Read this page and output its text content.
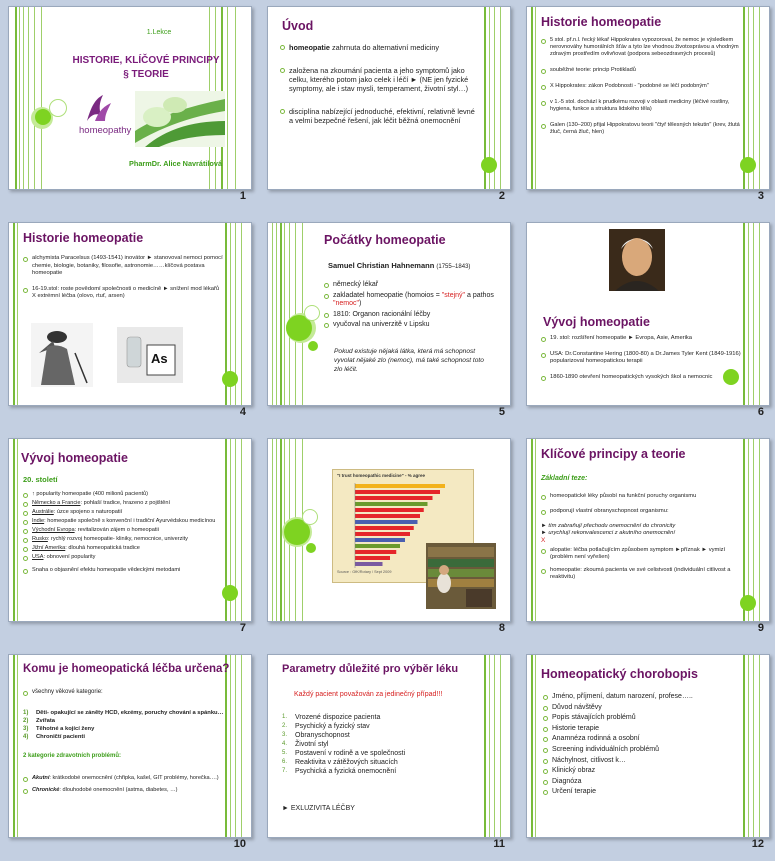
1.Lekce
HISTORIE, KLÍČOVÉ PRINCIPY
§ TEORIE
homeopathy
PharmDr. Alice Navrátilová
1
Úvod
homeopatie zahrnuta do alternativní mediciny
založena na zkoumání pacienta a jeho symptomů jako celku, kterého potom jako celek i léčí ► (NE jen fyzické symptomy, ale i stav mysli, temperament, životní styl…)
disciplína nabízející jednoduché, efektivní, relativně levné a velmi bezpečné řešení, jak léčit běžná onemocnění
2
Historie homeopatie
5 stol. př.n.l. řecký lékař Hippokrates vypozoroval, že nemoc je výsledkem nerovnováhy humorálních šťáv a tyto lze vhodnou životosprávou a vhodným zdravým prostředím ovlivňovat (podpora sebeozdravných procesů)
souběžné teorie: princip Protikladů
X Hippokrates: zákon Podobnosti - "podobné se léčí podobným"
v 1.-5 stol. dochází k prudkému rozvoji v oblasti mediciny (léčivé rostliny, hygiena, funkce a struktura lidského těla)
Galen (130–200) přijal Hippokratovu teorii "čtyř tělesných tekutin" (krev, žlutá žluč, černá žluč, hlen)
3
Historie homeopatie
alchymista Paracelsus (1493-1541) inovátor ► stanovoval nemoci pomocí chemie, biologie, botaniky, filosofie, astronomie……klíčová postava homeopatie
16-19.stol: roste povědomí společnosti o medicíně ► snížení mod lékařů X extrémní léčba (olovo, rtuť, arsen)
As
4
Počátky homeopatie
Samuel Christian Hahnemann (1755–1843)
německý lékař
zakladatel homeopatie (homoios = "stejný" a pathos "nemoc")
1810: Organon racionální léčby
vyučoval na univerzitě v Lipsku
Pokud existuje nějaká látka, která má schopnost vyvolat nějaké zlo (nemoc), má také schopnost toto zlo léčit.
5
Vývoj homeopatie
19. stol: rozšíření homeopatie ► Evropa, Asie, Amerika
USA: Dr.Constantine Hering (1800-80) a Dr.James Tyler Kent (1849-1916) popularizoval homeopatickou terapii
1860-1890 otevření homeopatických vysokých škol a nemocnic
6
Vývoj homeopatie
20. století
↑ popularity homeopatie (400 milionů pacientů)
Německo a Francie: pohlaší tradice, hrazeno z pojištění
Austrálie: úzce spojeno s naturopatií
Indie: homeopatie společně s konvenční i tradiční Ayurvédskou medicínou
Východní Evropa: revitalizován zájem o homeopatii
Rusko: rychlý rozvoj homeopatie- kliniky, nemocnice, univerzity
Jižní Amerika: dlouhá homeopatická tradice
USA: obnovení popularity
Snaha o objasnění efektu homeopatie vědeckými metodami
7
"I trust homeopathic medicine" - % agree
Source : GfK/Rotary / Sept 2009
8
Klíčové principy a teorie
Základní teze:
homeopatické léky působí na funkční poruchy organismu
podporují vlastní obranyschopnost organismu:
► tím zabraňují přechodu onemocnění do chronicity
► urychlují rekonvalescenci z akutního onemocnění
X
alopatie: léčba potlačujícím způsobem symptom ►příznak ► vymizí (problém není vyřešen)
homeopatie: zkoumá pacienta ve své celistvosti (individuální citlivost a reaktivitu)
9
Komu je homeopatická léčba určena?
všechny věkové kategorie:
1) Děti- opakující se záněty HCD, ekzémy, poruchy chování a spánku…
2) Zvířata
3) Těhotné a kojící ženy
4) Chroničtí pacienti
2 kategorie zdravotních problémů:
Akutní: krátkodobé onemocnění (chřipka, kašel, GIT problémy, horečka….)
Chronické: dlouhodobé onemocnění (astma, diabetes, …)
10
Parametry důležité pro výběr léku
Každý pacient považován za jedinečný případ!!!
1. Vrozené dispozice pacienta
2. Psychický a fyzický stav
3. Obranyschopnost
4. Životní styl
5. Postavení v rodině a ve společnosti
6. Reaktivita v zátěžových situacích
7. Psychická a fyzická onemocnění
► EXLUZIVITA LÉČBY
11
Homeopatický chorobopis
Jméno, příjmení, datum narození, profese…..
Důvod návštěvy
Popis stávajících problémů
Historie terapie
Anamnéza rodinná a osobní
Screening individuálních problémů
Náchylnost, citlivost k…
Klinický obraz
Diagnóza
Určení terapie
12
